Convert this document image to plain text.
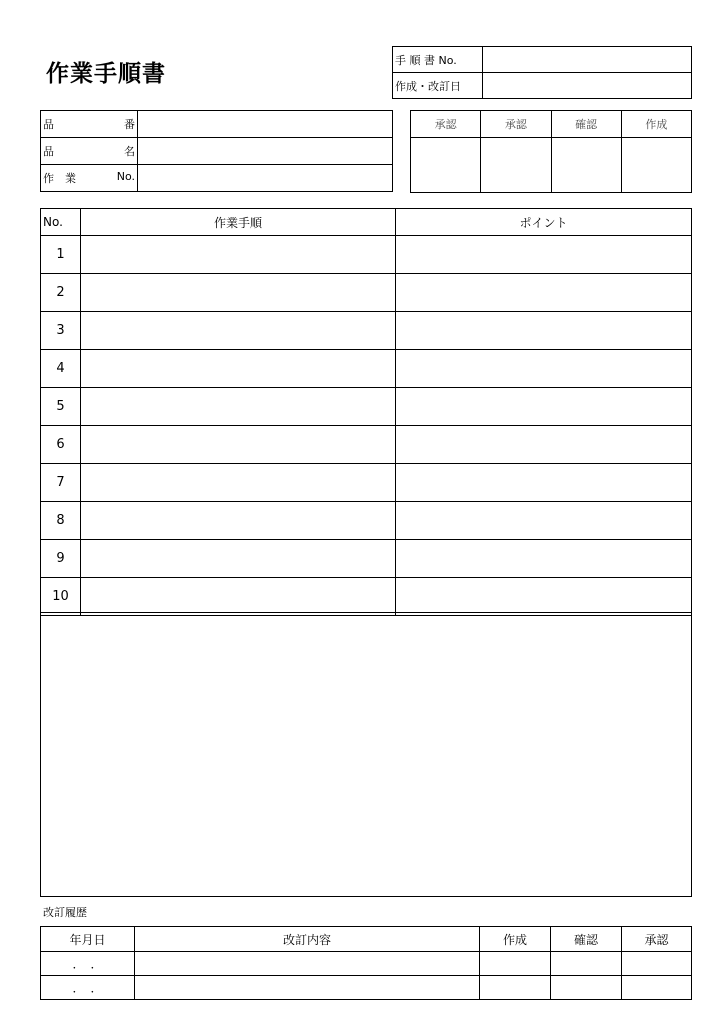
作業手順書
手 順 書 No.	
作成・改訂日	
品 番	

品 名	

作　業 No.	

承認	承認	確認	作成

No.	作業手順	ポイント
1		
2		
3		
4		
5		
6		
7		
8		
9		
10		
改訂履歴
年月日	改訂内容	作成	確認	承認
．　．				
．　．				
